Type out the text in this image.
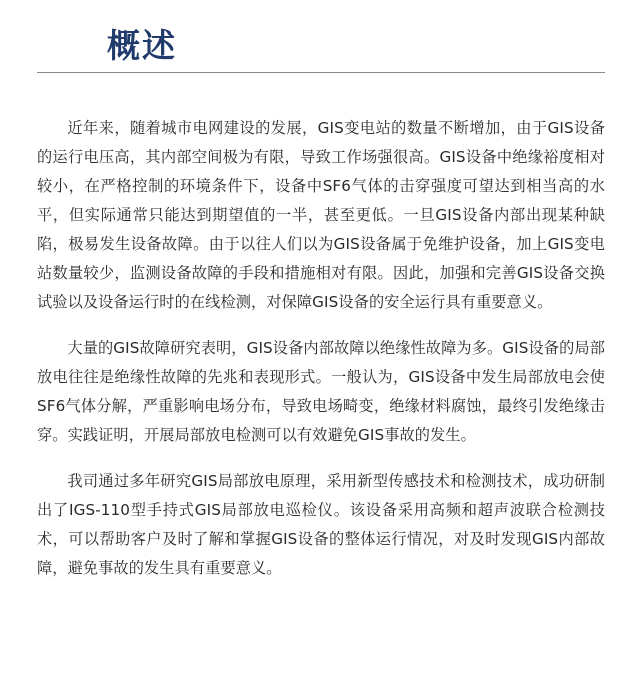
概述

近年来，随着城市电网建设的发展，GIS变电站的数量不断增加，由于GIS设备的运行电压高，其内部空间极为有限，导致工作场强很高。GIS设备中绝缘裕度相对较小，在严格控制的环境条件下，设备中SF6气体的击穿强度可望达到相当高的水平，但实际通常只能达到期望值的一半，甚至更低。一旦GIS设备内部出现某种缺陷，极易发生设备故障。由于以往人们以为GIS设备属于免维护设备，加上GIS变电站数量较少，监测设备故障的手段和措施相对有限。因此，加强和完善GIS设备交换试验以及设备运行时的在线检测，对保障GIS设备的安全运行具有重要意义。

大量的GIS故障研究表明，GIS设备内部故障以绝缘性故障为多。GIS设备的局部放电往往是绝缘性故障的先兆和表现形式。一般认为，GIS设备中发生局部放电会使SF6气体分解，严重影响电场分布，导致电场畸变，绝缘材料腐蚀，最终引发绝缘击穿。实践证明，开展局部放电检测可以有效避免GIS事故的发生。

我司通过多年研究GIS局部放电原理，采用新型传感技术和检测技术，成功研制出了IGS-110型手持式GIS局部放电巡检仪。该设备采用高频和超声波联合检测技术，可以帮助客户及时了解和掌握GIS设备的整体运行情况，对及时发现GIS内部故障，避免事故的发生具有重要意义。
